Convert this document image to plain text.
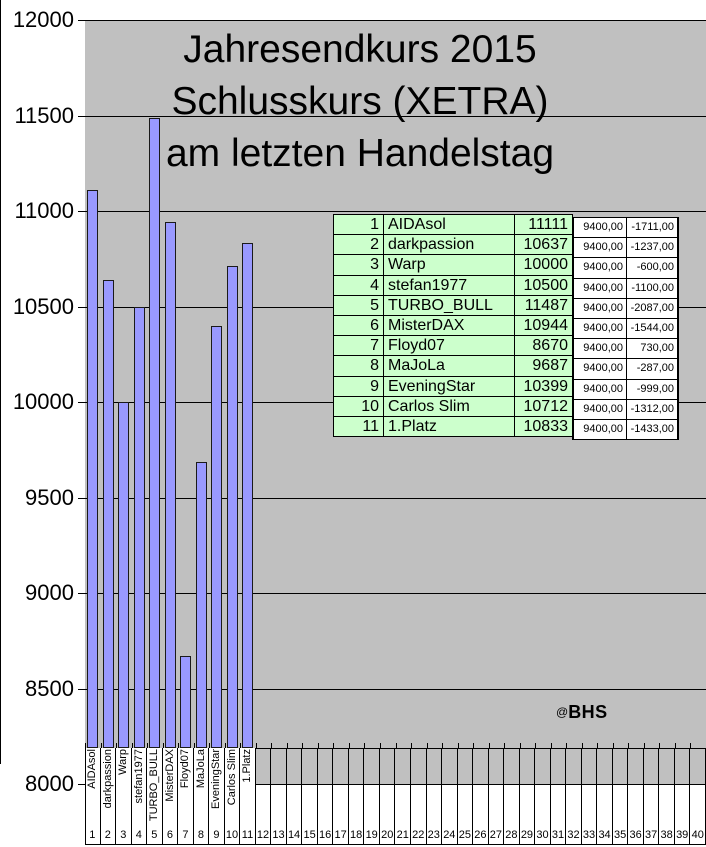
12000
11500
11000
10500
10000
9500
9000
8500
8000 AIDAsol
1
darkpassion
2
Warp
3
stefan1977
4
TURBO_BULL
5
MisterDAX
6
Floyd07
7
MaJoLa
8
EveningStar
9
Carlos Slim
10
1.Platz
11 12 13 14 15 16 17 18 19 20 21 22 23 24 25 26 27 28 29 30 31 32 33 34 35 36 37 38 39 40
Jahresendkurs 2015
Schlusskurs (XETRA)
am letzten Handelstag
1 AIDAsol	11111
2 darkpassion	10637
3 Warp	10000
4 stefan1977	10500
5 TURBO_BULL	11487
6 MisterDAX	10944
7 Floyd07	8670
8 MaJoLa	9687
9 EveningStar	10399
10 Carlos Slim	10712
11 1.Platz	10833
9400,00 -1711,00
9400,00 -1237,00
9400,00	-600,00
9400,00 -1100,00
9400,00 -2087,00
9400,00 -1544,00
9400,00	730,00
9400,00	-287,00
9400,00	-999,00
9400,00 -1312,00
9400,00 -1433,00
@BHS
